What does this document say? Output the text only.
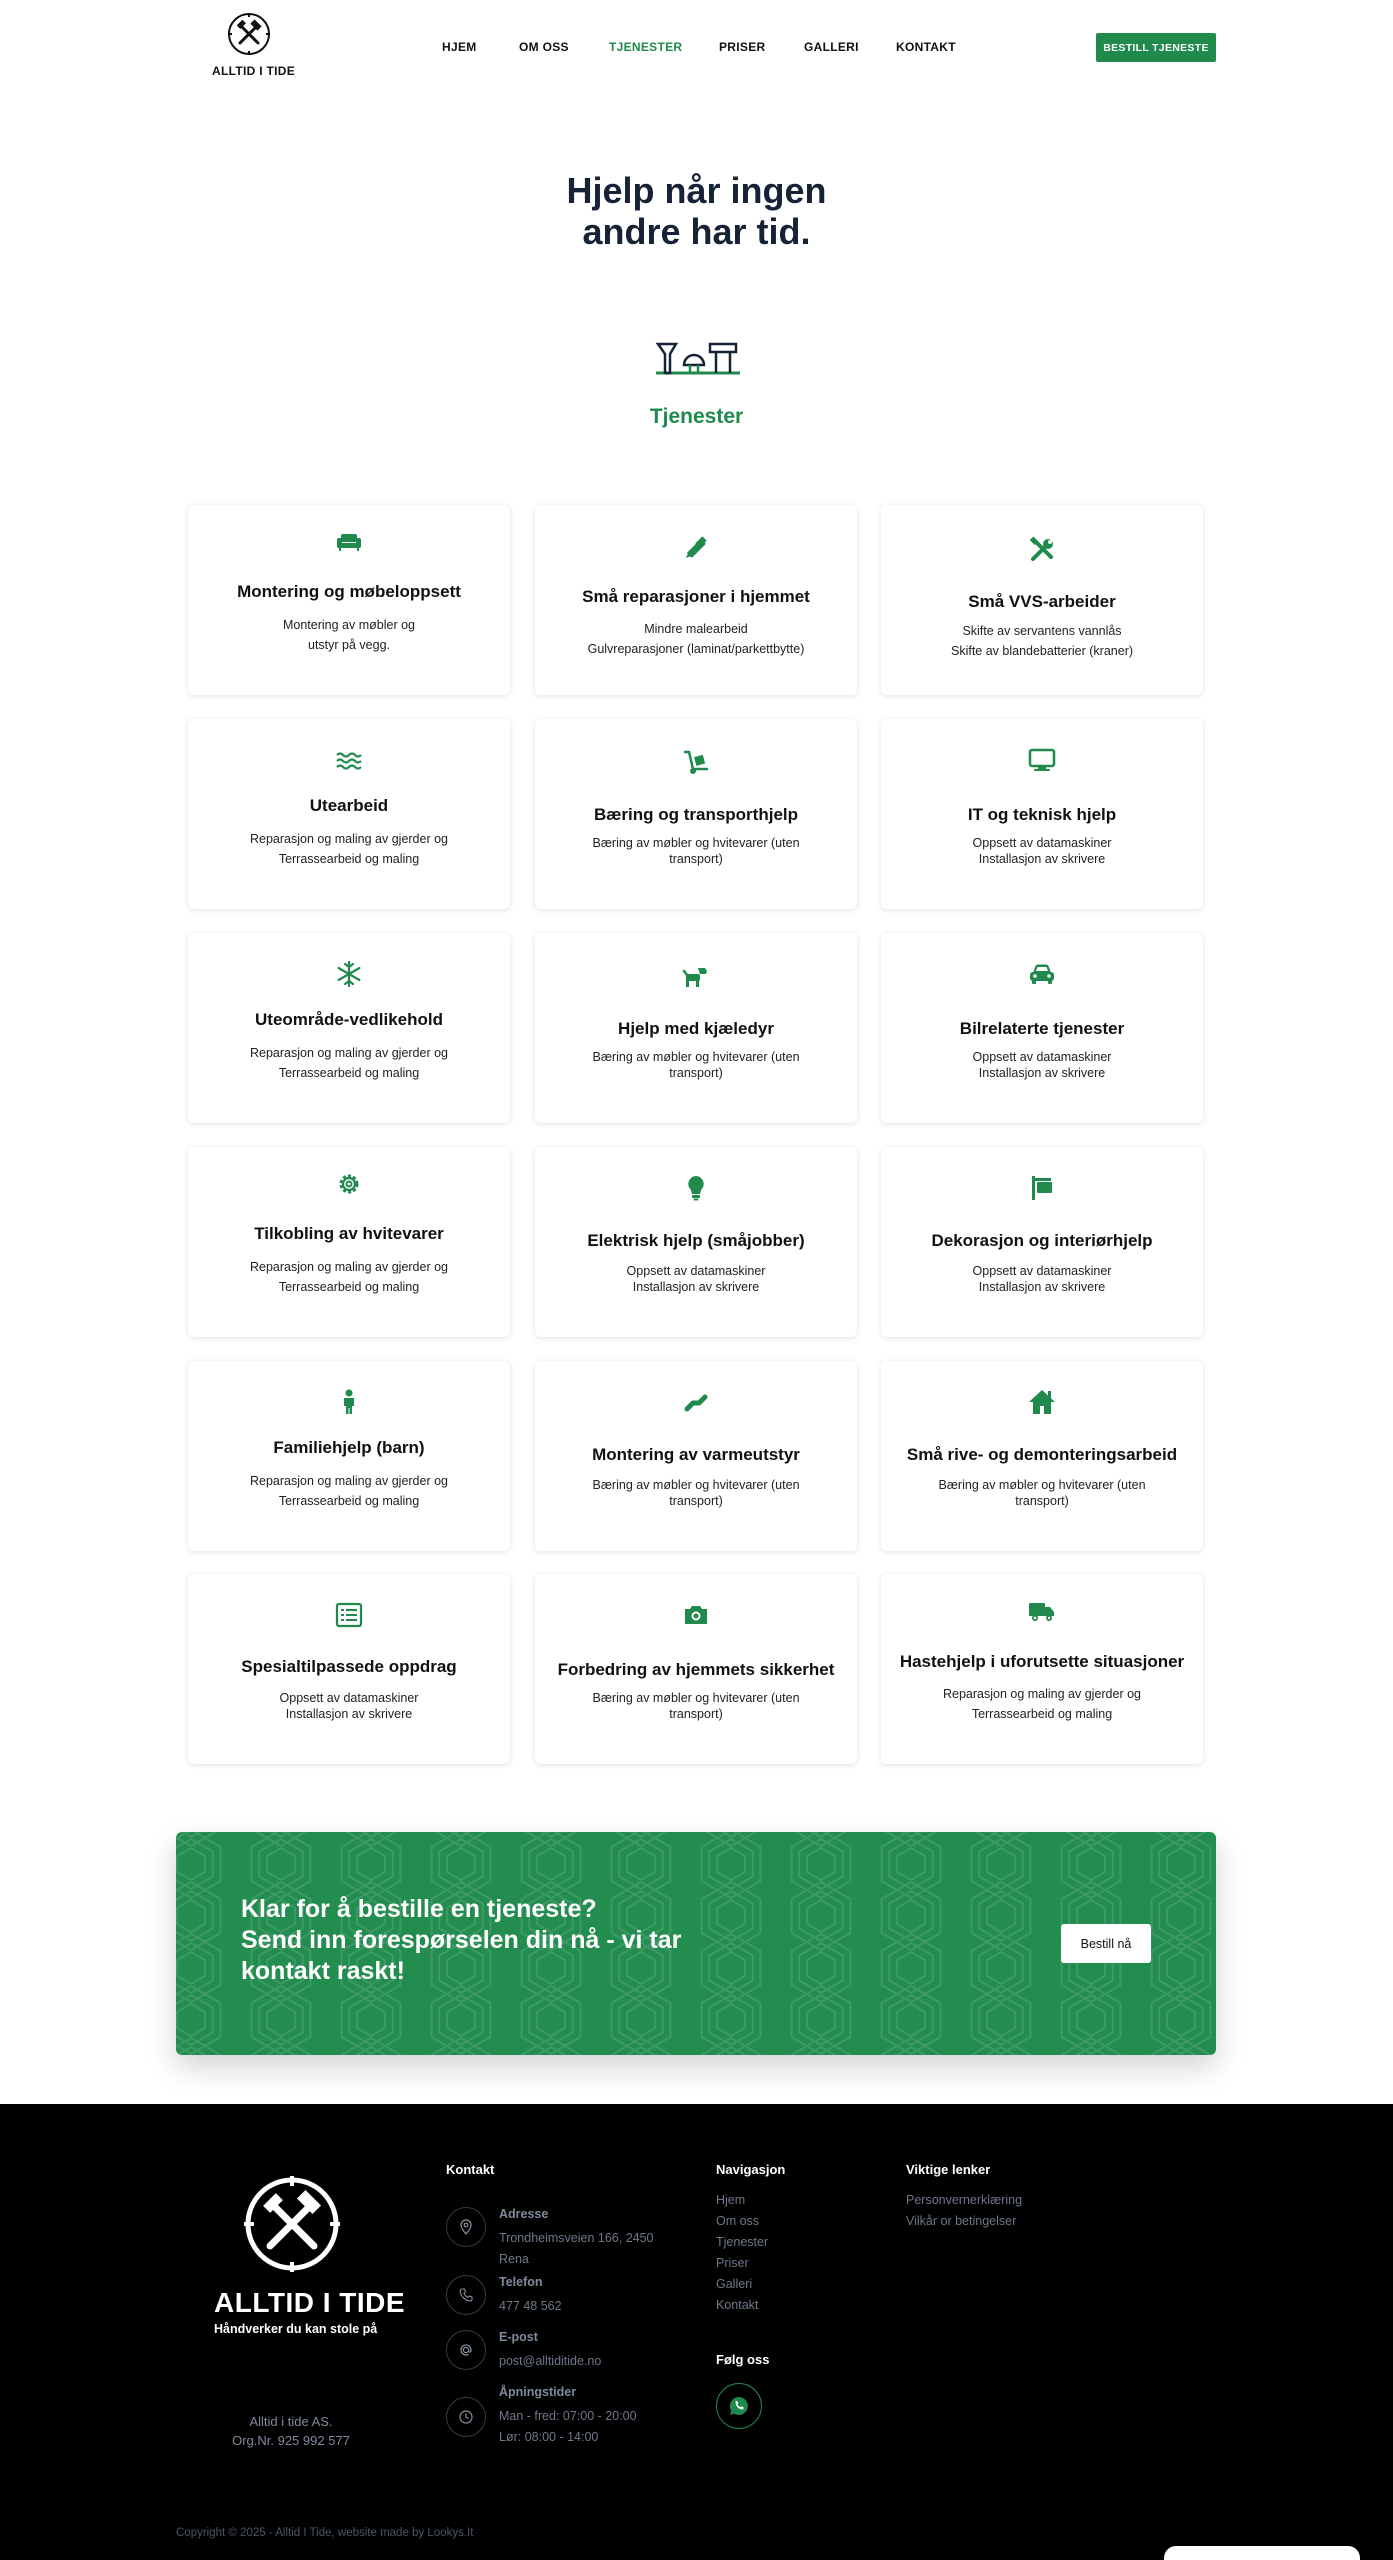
ALLTID I TIDE
HJEM	OM OSS	TJENESTER	PRISER	GALLERI	KONTAKT	BESTILL TJENESTE
Hjelp når ingen
andre har tid.
Tjenester
Montering og møbeloppsett
Montering av møbler og
utstyr på vegg.
Små reparasjoner i hjemmet
Mindre malearbeid
Gulvreparasjoner (laminat/parkettbytte)
Små VVS-arbeider
Skifte av servantens vannlås
Skifte av blandebatterier (kraner)
Utearbeid
Reparasjon og maling av gjerder og
Terrassearbeid og maling
Bæring og transporthjelp
Bæring av møbler og hvitevarer (uten
transport)
IT og teknisk hjelp
Oppsett av datamaskiner
Installasjon av skrivere
Uteområde-vedlikehold
Reparasjon og maling av gjerder og
Terrassearbeid og maling
Hjelp med kjæledyr
Bæring av møbler og hvitevarer (uten
transport)
Bilrelaterte tjenester
Oppsett av datamaskiner
Installasjon av skrivere
Tilkobling av hvitevarer
Reparasjon og maling av gjerder og
Terrassearbeid og maling
Elektrisk hjelp (småjobber)
Oppsett av datamaskiner
Installasjon av skrivere
Dekorasjon og interiørhjelp
Oppsett av datamaskiner
Installasjon av skrivere
Familiehjelp (barn)
Reparasjon og maling av gjerder og
Terrassearbeid og maling
Montering av varmeutstyr
Bæring av møbler og hvitevarer (uten
transport)
Små rive- og demonteringsarbeid
Bæring av møbler og hvitevarer (uten
transport)
Spesialtilpassede oppdrag
Oppsett av datamaskiner
Installasjon av skrivere
Forbedring av hjemmets sikkerhet
Bæring av møbler og hvitevarer (uten
transport)
Hastehjelp i uforutsette situasjoner
Reparasjon og maling av gjerder og
Terrassearbeid og maling
Klar for å bestille en tjeneste?
Send inn forespørselen din nå - vi tar
kontakt raskt!
Bestill nå
ALLTID I TIDE
Håndverker du kan stole på
Alltid i tide AS.
Org.Nr. 925 992 577
Kontakt
Adresse
Trondheimsveien 166, 2450 Rena
Telefon
477 48 562
E-post
post@alltiditide.no
Åpningstider
Man - fred: 07:00 - 20:00
Lør: 08:00 - 14:00
Navigasjon
Hjem
Om oss
Tjenester
Priser
Galleri
Kontakt
Følg oss
Viktige lenker
Personvernerklæring
Vilkår or betingelser
Copyright © 2025 - Alltid I Tide, website made by Lookys.It
